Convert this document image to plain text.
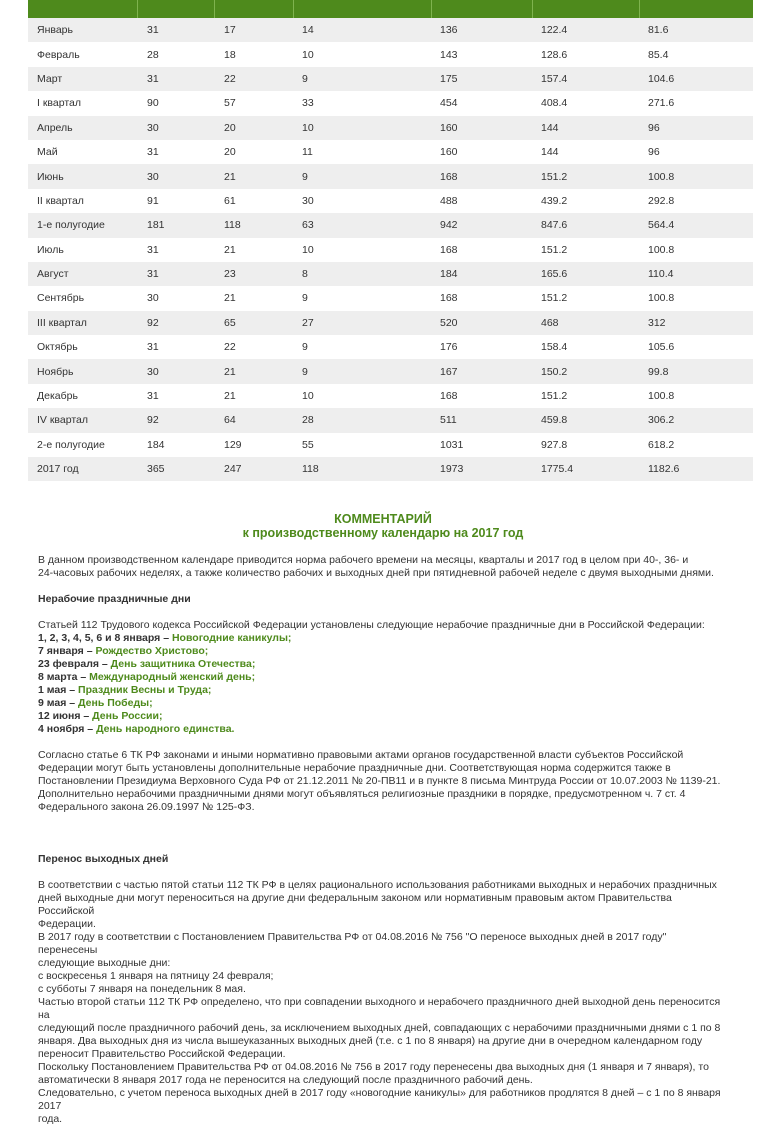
Январь	31	17	14	136	122.4	81.6
Февраль	28	18	10	143	128.6	85.4
Март	31	22	9	175	157.4	104.6
I квартал	90	57	33	454	408.4	271.6
Апрель	30	20	10	160	144	96
Май	31	20	11	160	144	96
Июнь	30	21	9	168	151.2	100.8
II квартал	91	61	30	488	439.2	292.8
1-е полугодие	181	118	63	942	847.6	564.4
Июль	31	21	10	168	151.2	100.8
Август	31	23	8	184	165.6	110.4
Сентябрь	30	21	9	168	151.2	100.8
III квартал	92	65	27	520	468	312
Октябрь	31	22	9	176	158.4	105.6
Ноябрь	30	21	9	167	150.2	99.8
Декабрь	31	21	10	168	151.2	100.8
IV квартал	92	64	28	511	459.8	306.2
2-е полугодие	184	129	55	1031	927.8	618.2
2017 год	365	247	118	1973	1775.4	1182.6
КОММЕНТАРИЙ
к производственному календарю на 2017 год

В данном производственном календаре приводится норма рабочего времени на месяцы, кварталы и 2017 год в целом при 40-, 36- и

24-часовых рабочих неделях, а также количество рабочих и выходных дней при пятидневной рабочей неделе с двумя выходными днями.

Нерабочие праздничные дни

Статьей 112 Трудового кодекса Российской Федерации установлены следующие нерабочие праздничные дни в Российской Федерации:

1, 2, 3, 4, 5, 6 и 8 января – Новогодние каникулы;
7 января – Рождество Христово;
23 февраля – День защитника Отечества;
8 марта – Международный женский день;
1 мая – Праздник Весны и Труда;
9 мая – День Победы;
12 июня – День России;
4 ноября – День народного единства.

Согласно статье 6 ТК РФ законами и иными нормативно правовыми актами органов государственной власти субъектов Российской

Федерации могут быть установлены дополнительные нерабочие праздничные дни. Соответствующая норма содержится также в

Постановлении Президиума Верховного Суда РФ от 21.12.2011 № 20-ПВ11 и в пункте 8 письма Минтруда России от 10.07.2003 № 1139-21.

Дополнительно нерабочими праздничными днями могут объявляться религиозные праздники в порядке, предусмотренном ч. 7 ст. 4

Федерального закона 26.09.1997 № 125-ФЗ.

Перенос выходных дней

В соответствии с частью пятой статьи 112 ТК РФ в целях рационального использования работниками выходных и нерабочих праздничных

дней выходные дни могут переноситься на другие дни федеральным законом или нормативным правовым актом Правительства Российской

Федерации.

В 2017 году в соответствии с Постановлением Правительства РФ от 04.08.2016 № 756 "О переносе выходных дней в 2017 году" перенесены

следующие выходные дни:

с воскресенья 1 января на пятницу 24 февраля;

с субботы 7 января на понедельник 8 мая.

Частью второй статьи 112 ТК РФ определено, что при совпадении выходного и нерабочего праздничного дней выходной день переносится на

следующий после праздничного рабочий день, за исключением выходных дней, совпадающих с нерабочими праздничными днями с 1 по 8

января. Два выходных дня из числа вышеуказанных выходных дней (т.е. с 1 по 8 января) на другие дни в очередном календарном году

переносит Правительство Российской Федерации.

Поскольку Постановлением Правительства РФ от 04.08.2016 № 756 в 2017 году перенесены два выходных дня (1 января и 7 января), то

автоматически 8 января 2017 года не переносится на следующий после праздничного рабочий день.

Следовательно, с учетом переноса выходных дней в 2017 году «новогодние каникулы» для работников продлятся 8 дней – с 1 по 8 января 2017

года.
